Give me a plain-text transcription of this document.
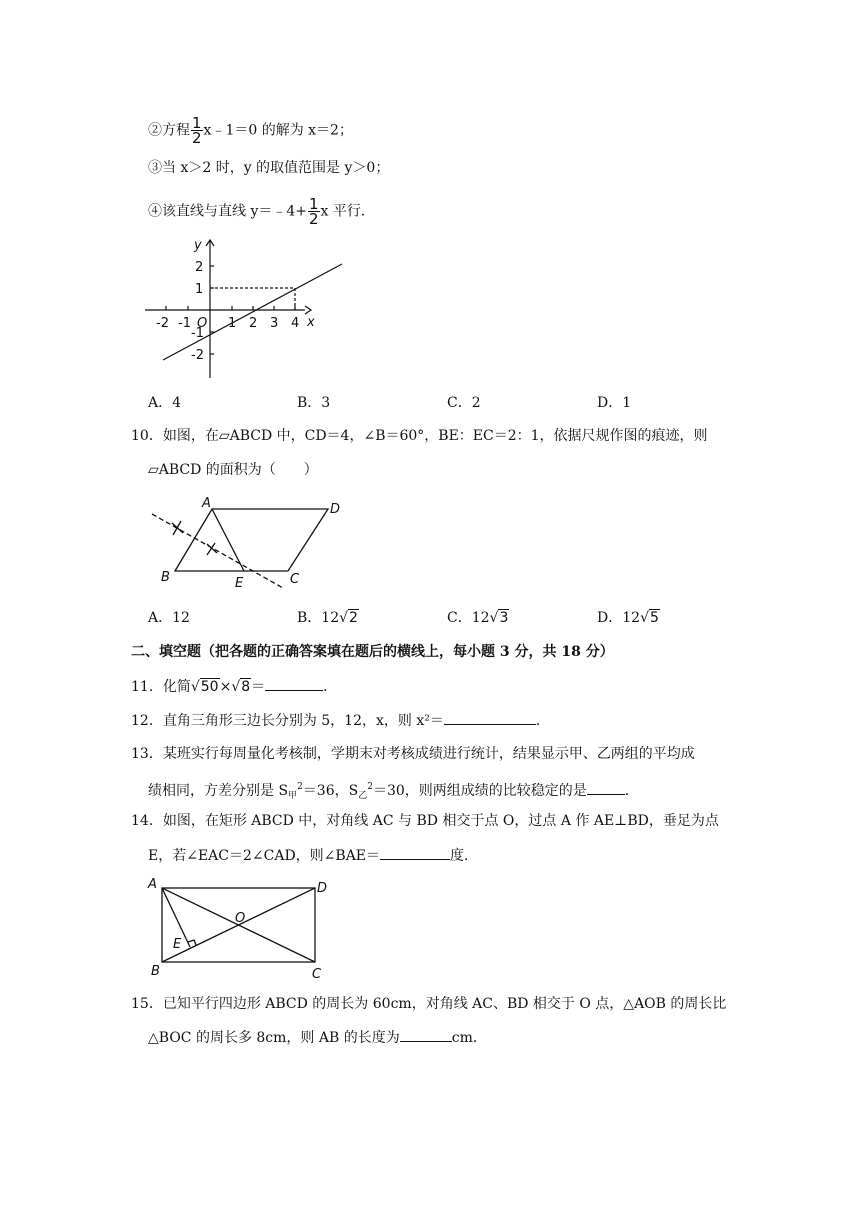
②方程 $\frac{1}{2}$ x﹣1＝0 的解为 x＝2；
③当 x＞2 时，y 的取值范围是 y＞0；
④该直线与直线 y＝﹣4+ $\frac{1}{2}$ x 平行．
y
x
O
-2 -1	1 2 3 4
2
1
-1
-2
A．4	B．3	C．2	D．1
10．如图，在▱ABCD 中，CD＝4，∠B＝60°，BE：EC＝2：1，依据尺规作图的痕迹，则
▱ABCD 的面积为（　　）
A	D
B	E	C
A．12	B．12√2	C．12√3	D．12√5
二、填空题（把各题的正确答案填在题后的横线上，每小题 3 分，共 18 分）
11．化简√50×√8＝	．
12．直角三角形三边长分别为 5，12，x，则 x²＝	．
13．某班实行每周量化考核制，学期末对考核成绩进行统计，结果显示甲、乙两组的平均成
绩相同，方差分别是 $S_甲^2=36$，$S_乙^2=30$，则两组成绩的比较稳定的是	．
14．如图，在矩形 ABCD 中，对角线 AC 与 BD 相交于点 O，过点 A 作 AE⊥BD，垂足为点
E，若∠EAC＝2∠CAD，则∠BAE＝	度．
A	D
B	C
E
O
15．已知平行四边形 ABCD 的周长为 60cm，对角线 AC、BD 相交于 O 点，△AOB 的周长比
△BOC 的周长多 8cm，则 AB 的长度为	cm．
